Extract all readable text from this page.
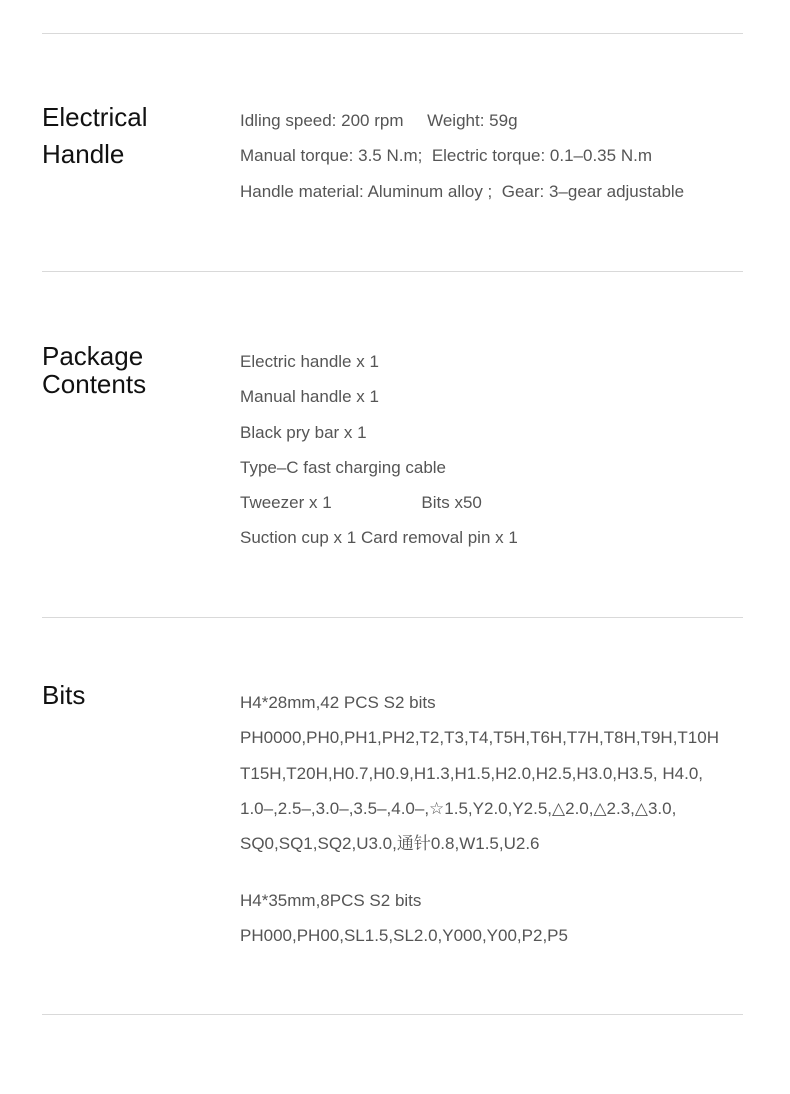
Electrical
Handle
Idling speed: 200 rpm     Weight: 59g
Manual torque: 3.5 N.m;  Electric torque: 0.1–0.35 N.m
Handle material: Aluminum alloy ;  Gear: 3–gear adjustable
Package
Contents
Electric handle x 1
Manual handle x 1
Black pry bar x 1
Type–C fast charging cable
Tweezer x 1                   Bits x50
Suction cup x 1 Card removal pin x 1
Bits	H4*28mm,42 PCS S2 bits
PH0000,PH0,PH1,PH2,T2,T3,T4,T5H,T6H,T7H,T8H,T9H,T10H
T15H,T20H,H0.7,H0.9,H1.3,H1.5,H2.0,H2.5,H3.0,H3.5, H4.0,
1.0–,2.5–,3.0–,3.5–,4.0–,☆1.5,Y2.0,Y2.5,△2.0,△2.3,△3.0,
SQ0,SQ1,SQ2,U3.0,通针0.8,W1.5,U2.6
H4*35mm,8PCS S2 bits
PH000,PH00,SL1.5,SL2.0,Y000,Y00,P2,P5
